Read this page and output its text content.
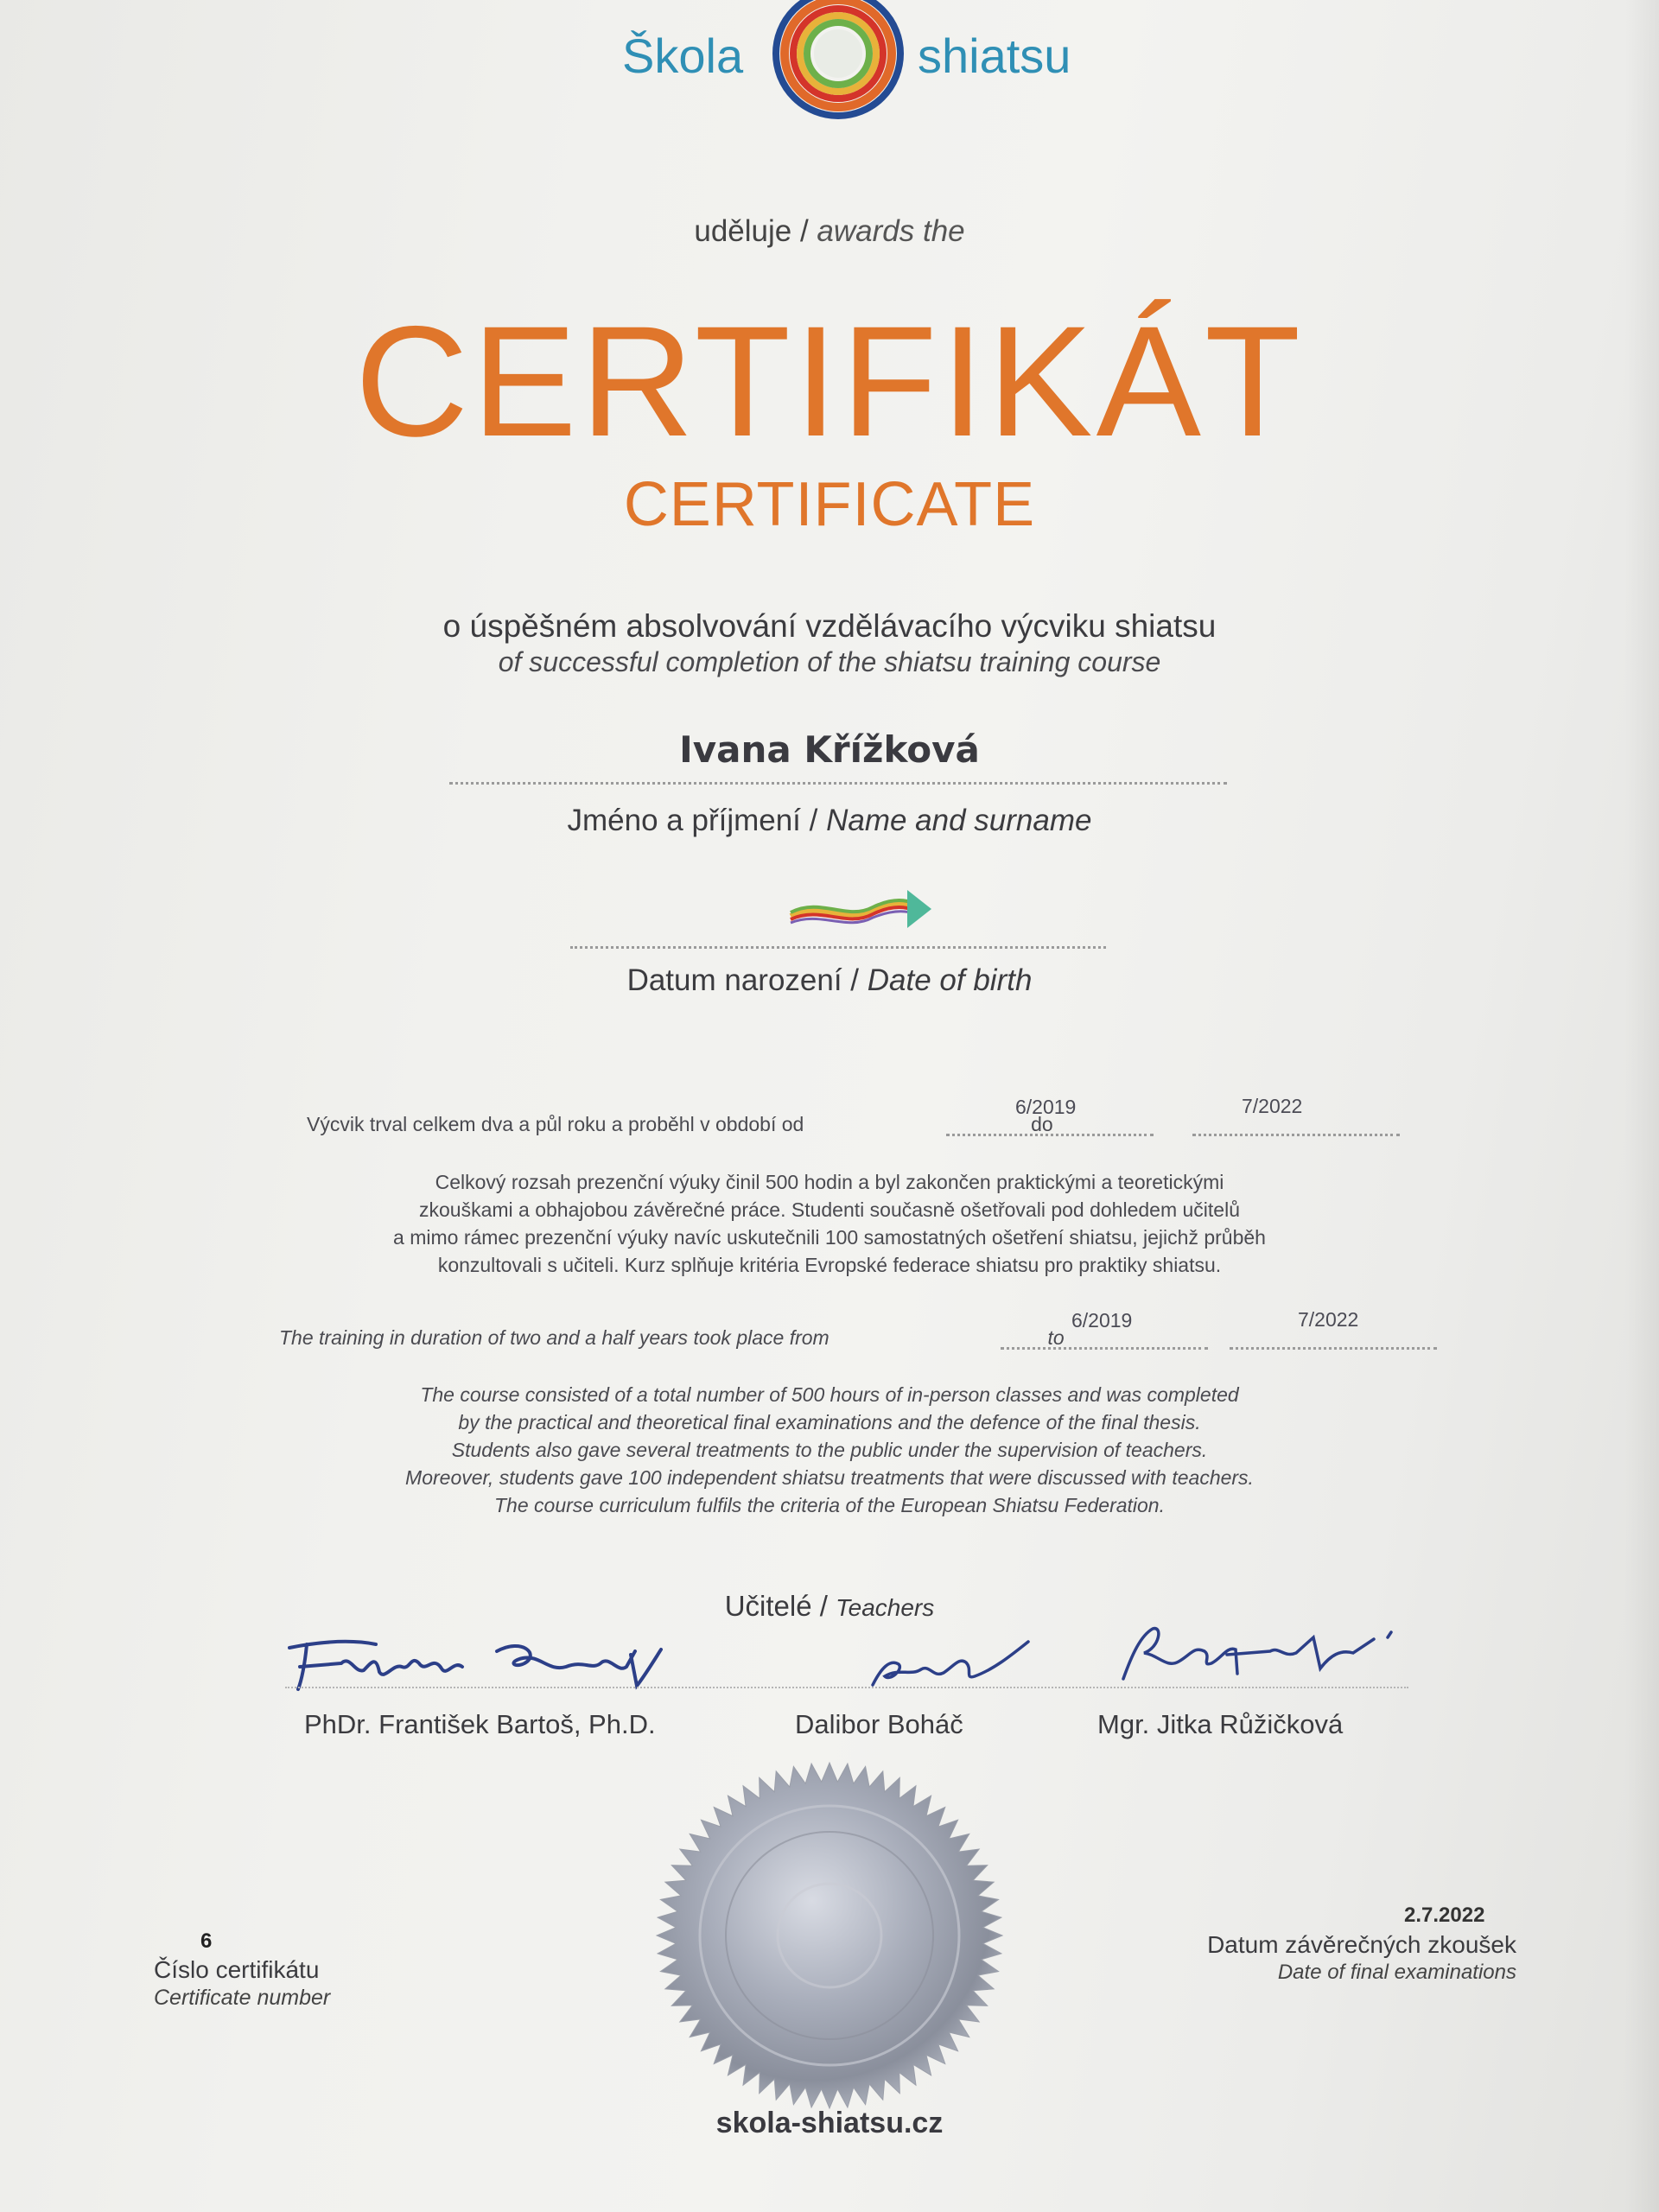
Škola	shiatsu
uděluje / awards the
CERTIFIKÁT
CERTIFICATE
o úspěšném absolvování vzdělávacího výcviku shiatsu
of successful completion of the shiatsu training course
Ivana Křížková
Jméno a příjmení / Name and surname
Datum narození / Date of birth
Výcvik trval celkem dva a půl roku a proběhl v období od	do
6/2019	7/2022
Celkový rozsah prezenční výuky činil 500 hodin a byl zakončen praktickými a teoretickými
zkouškami a obhajobou závěrečné práce. Studenti současně ošetřovali pod dohledem učitelů
a mimo rámec prezenční výuky navíc uskutečnili 100 samostatných ošetření shiatsu, jejichž průběh
konzultovali s učiteli. Kurz splňuje kritéria Evropské federace shiatsu pro praktiky shiatsu.
The training in duration of two and a half years took place from	to
6/2019	7/2022
The course consisted of a total number of 500 hours of in-person classes and was completed
by the practical and theoretical final examinations and the defence of the final thesis.
Students also gave several treatments to the public under the supervision of teachers.
Moreover, students gave 100 independent shiatsu treatments that were discussed with teachers.
The course curriculum fulfils the criteria of the European Shiatsu Federation.
Učitelé / Teachers
PhDr. František Bartoš, Ph.D.	Dalibor Boháč	Mgr. Jitka Růžičková
6
Číslo certifikátu
Certificate number
2.7.2022
Datum závěrečných zkoušek
Date of final examinations
skola-shiatsu.cz
